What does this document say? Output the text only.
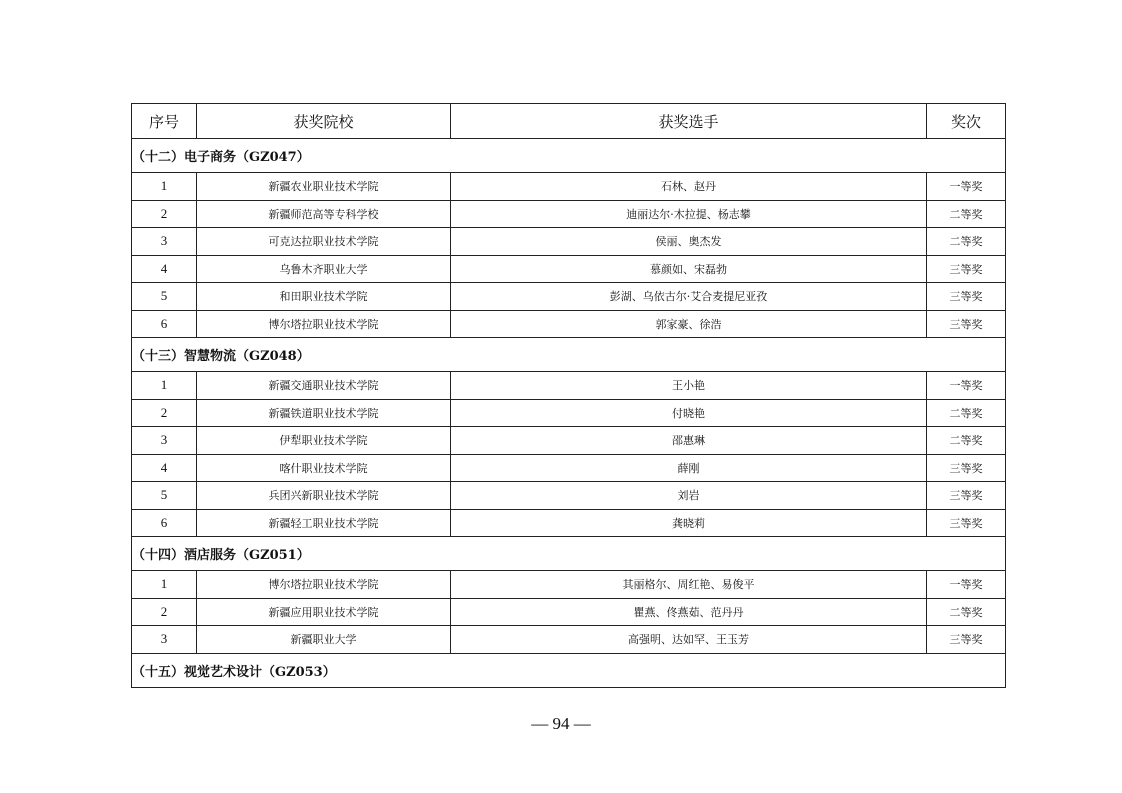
序号	获奖院校	获奖选手	奖次
（十二）电子商务（GZ047）			
1	新疆农业职业技术学院	石林、赵丹	一等奖
2	新疆师范高等专科学校	迪丽达尔·木拉提、杨志攀	二等奖
3	可克达拉职业技术学院	侯丽、奥杰发	二等奖
4	乌鲁木齐职业大学	慕颜如、宋磊勃	三等奖
5	和田职业技术学院	彭湖、乌依古尔·艾合麦提尼亚孜	三等奖
6	博尔塔拉职业技术学院	郭家豪、徐浩	三等奖
（十三）智慧物流（GZ048）			
1	新疆交通职业技术学院	王小艳	一等奖
2	新疆铁道职业技术学院	付晓艳	二等奖
3	伊犁职业技术学院	邵惠琳	二等奖
4	喀什职业技术学院	薛刚	三等奖
5	兵团兴新职业技术学院	刘岩	三等奖
6	新疆轻工职业技术学院	龚晓莉	三等奖
（十四）酒店服务（GZ051）			
1	博尔塔拉职业技术学院	其丽格尔、周红艳、易俊平	一等奖
2	新疆应用职业技术学院	瞿燕、佟燕茹、范丹丹	二等奖
3	新疆职业大学	高强明、达如罕、王玉芳	三等奖
（十五）视觉艺术设计（GZ053）			
— 94 —
